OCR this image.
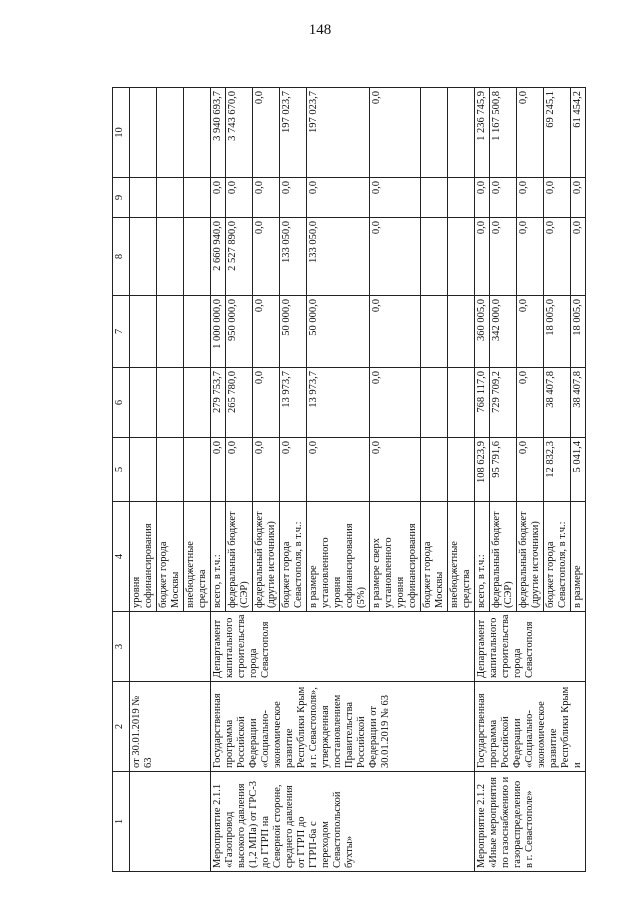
148
1	2	3	4	5	6	7	8	9	10
	от 30.01.2019 № 63		уровня софинансирования						
			бюджет города Москвы						
			внебюджетные средства						
Мероприятие 2.1.1 «Газопровод высокого давления (1,2 МПа) от ГРС-3 до ГТРП на Северной стороне, среднего давления от ГТРП до ГТРП-6а с переходом Севастопольской бухты»	Государственная программа Российской Федерации «Социально-экономическое развитие Республики Крым и г. Севастополя», утвержденная постановлением Правительства Российской Федерации от 30.01.2019 № 63	Департамент капитального строительства города Севастополя	всего, в т.ч.:	0,0	279 753,7	1 000 000,0	2 660 940,0	0,0	3 940 693,7
			федеральный бюджет (СЭР)	0,0	265 780,0	950 000,0	2 527 890,0	0,0	3 743 670,0
			федеральный бюджет (другие источники)	0,0	0,0	0,0	0,0	0,0	0,0
			бюджет города Севастополя, в т.ч.:	0,0	13 973,7	50 000,0	133 050,0	0,0	197 023,7
			в размере установленного уровня софинансирования (5%)	0,0	13 973,7	50 000,0	133 050,0	0,0	197 023,7
			в размере сверх установленного уровня софинансирования	0,0	0,0	0,0	0,0	0,0	0,0
			бюджет города Москвы						
			внебюджетные средства						
Мероприятие 2.1.2 «Иные мероприятия по газоснабжению и газораспределению в г. Севастополе»	Государственная программа Российской Федерации «Социально-экономическое развитие Республики Крым и	Департамент капитального строительства города Севастополя	всего, в т.ч.:	108 623,9	768 117,0	360 005,0	0,0	0,0	1 236 745,9
			федеральный бюджет (СЭР)	95 791,6	729 709,2	342 000,0	0,0	0,0	1 167 500,8
			федеральный бюджет (другие источники)	0,0	0,0	0,0	0,0	0,0	0,0
			бюджет города Севастополя, в т.ч.:	12 832,3	38 407,8	18 005,0	0,0	0,0	69 245,1
			в размере	5 041,4	38 407,8	18 005,0	0,0	0,0	61 454,2
